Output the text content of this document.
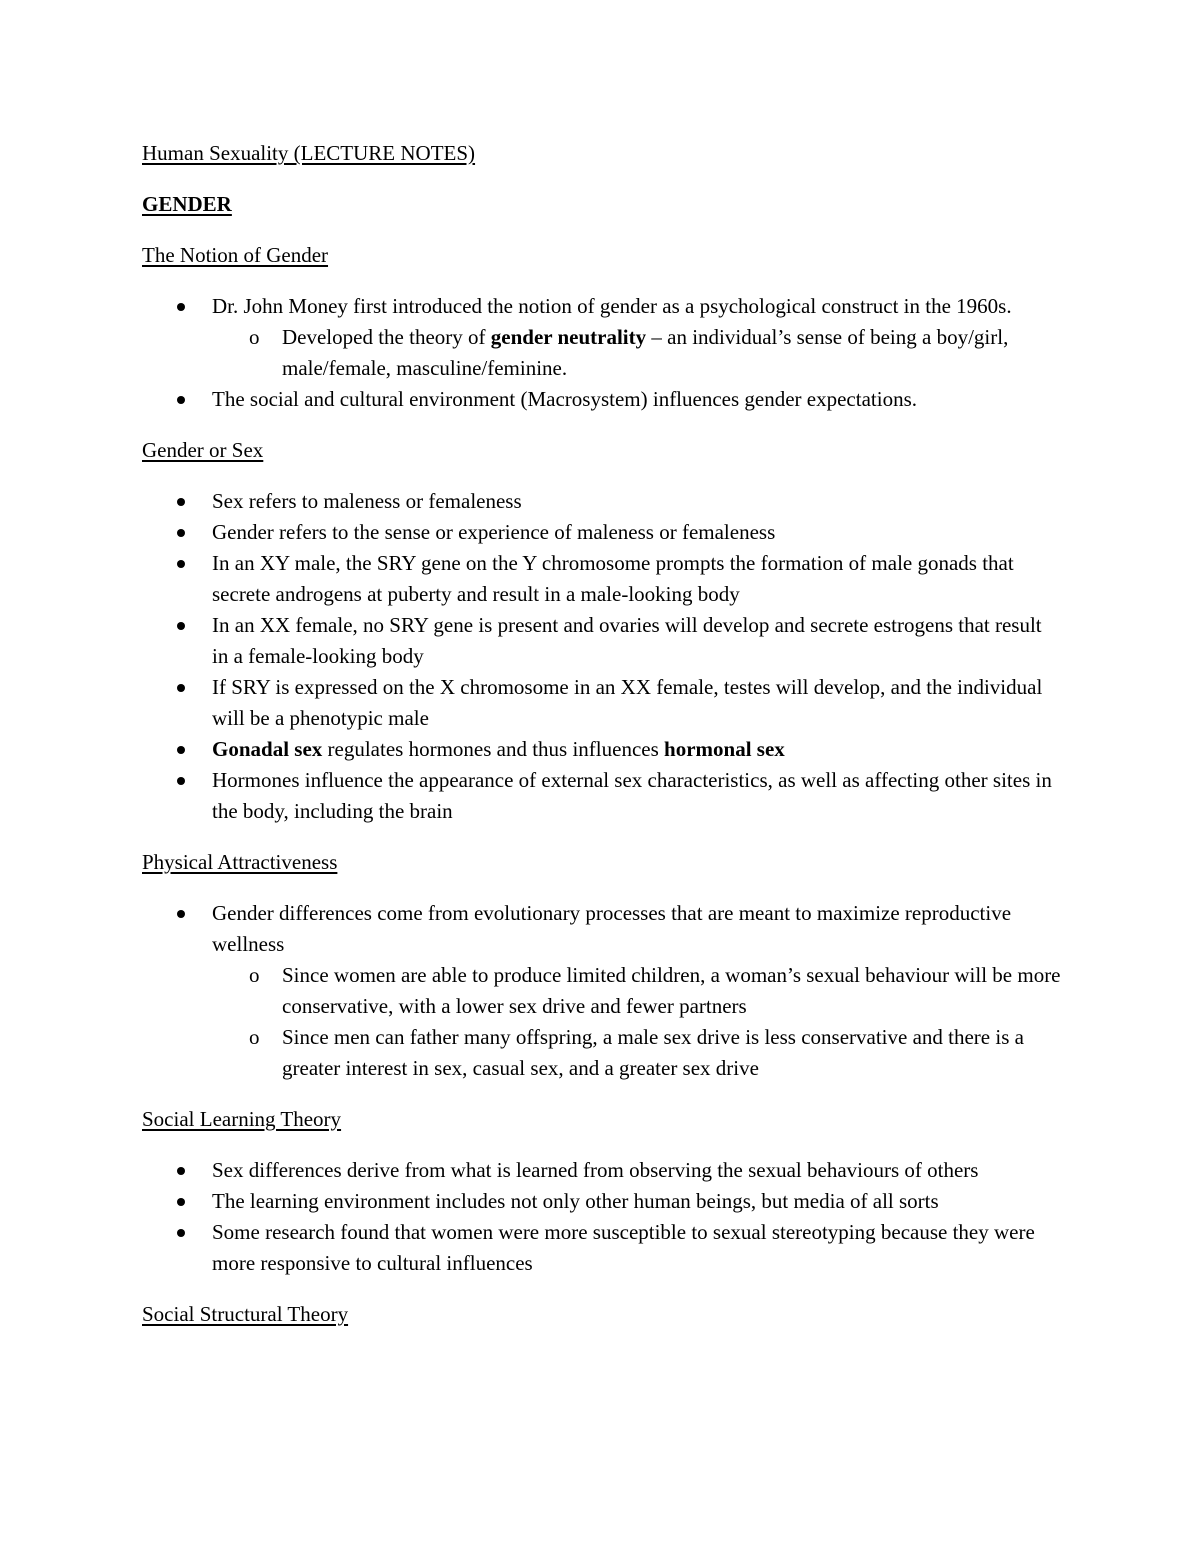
Human Sexuality (LECTURE NOTES)
GENDER
The Notion of Gender
Dr. John Money first introduced the notion of gender as a psychological construct in the 1960s.
o Developed the theory of gender neutrality – an individual’s sense of being a boy/girl, male/female, masculine/feminine.
The social and cultural environment (Macrosystem) influences gender expectations.
Gender or Sex
Sex refers to maleness or femaleness
Gender refers to the sense or experience of maleness or femaleness
In an XY male, the SRY gene on the Y chromosome prompts the formation of male gonads that secrete androgens at puberty and result in a male-looking body
In an XX female, no SRY gene is present and ovaries will develop and secrete estrogens that result in a female-looking body
If SRY is expressed on the X chromosome in an XX female, testes will develop, and the individual will be a phenotypic male
Gonadal sex regulates hormones and thus influences hormonal sex
Hormones influence the appearance of external sex characteristics, as well as affecting other sites in the body, including the brain
Physical Attractiveness
Gender differences come from evolutionary processes that are meant to maximize reproductive wellness
o Since women are able to produce limited children, a woman’s sexual behaviour will be more conservative, with a lower sex drive and fewer partners
o Since men can father many offspring, a male sex drive is less conservative and there is a greater interest in sex, casual sex, and a greater sex drive
Social Learning Theory
Sex differences derive from what is learned from observing the sexual behaviours of others
The learning environment includes not only other human beings, but media of all sorts
Some research found that women were more susceptible to sexual stereotyping because they were more responsive to cultural influences
Social Structural Theory
